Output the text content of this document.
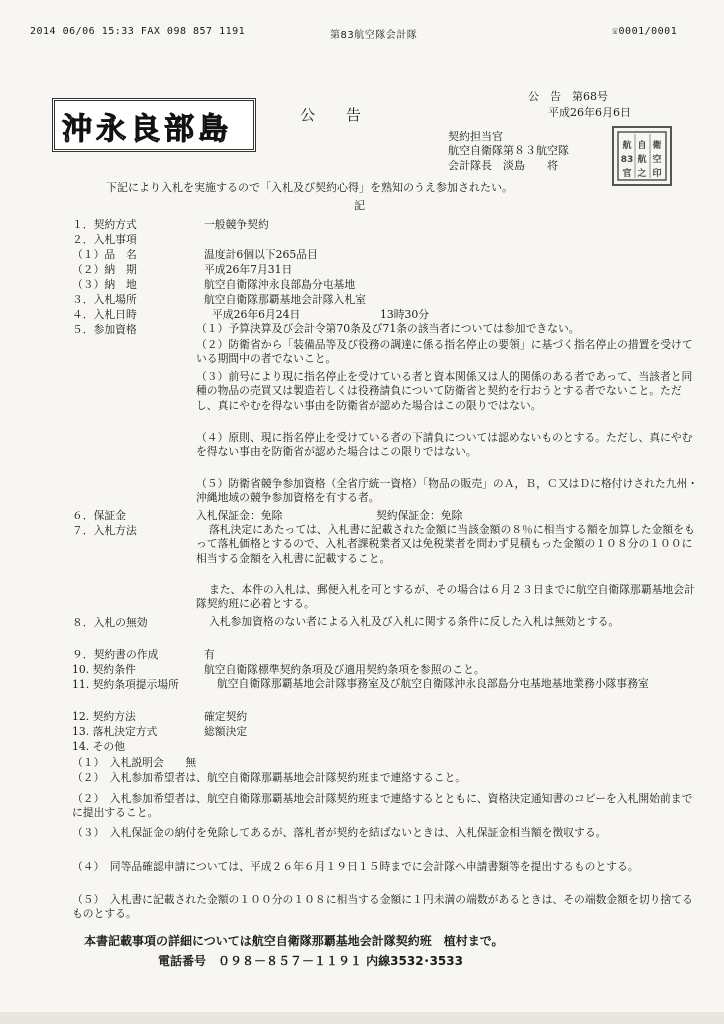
2014 06/06 15:33 FAX 098 857 1191	第83航空隊会計隊	☏0001/0001
沖永良部島	公　告
公　告　第68号
平成26年6月6日
契約担当官
航空自衛隊第８３航空隊
会計隊長　淡島　　将
航 自 衛
83 航 空
官 之 印
下記により入札を実施するので「入札及び契約心得」を熟知のうえ参加されたい。
記
１．契約方式	一般競争契約
２．入札事項
（１）品　名	温度計6個以下265品目
（２）納　期	平成26年7月31日
（３）納　地	航空自衛隊沖永良部島分屯基地
３．入札場所	航空自衛隊那覇基地会計隊入札室
４．入札日時	平成26年6月24日	13時30分
５．参加資格	（１）予算決算及び会計令第70条及び71条の該当者については参加できない。
（２）防衛省から「装備品等及び役務の調達に係る指名停止の要領」に基づく指名停止の措置を受けている期間中の者でないこと。
（３）前号により現に指名停止を受けている者と資本関係又は人的関係のある者であって、当該者と同種の物品の売買又は製造若しくは役務請負について防衛省と契約を行おうとする者でないこと。ただし、真にやむを得ない事由を防衛省が認めた場合はこの限りではない。
（４）原則、現に指名停止を受けている者の下請負については認めないものとする。ただし、真にやむを得ない事由を防衛省が認めた場合はこの限りではない。
（５）防衛省競争参加資格（全省庁統一資格）「物品の販売」のＡ，Ｂ，Ｃ又はＤに格付けされた九州・沖縄地域の競争参加資格を有する者。
６．保証金	入札保証金：免除	契約保証金：免除
７．入札方法	落札決定にあたっては、入札書に記載された金額に当該金額の８％に相当する額を加算した金額をもって落札価格とするので、入札者課税業者又は免税業者を問わず見積もった金額の１０８分の１００に相当する金額を入札書に記載すること。
また、本件の入札は、郵便入札を可とするが、その場合は６月２３日までに航空自衛隊那覇基地会計隊契約班に必着とする。
８．入札の無効	入札参加資格のない者による入札及び入札に関する条件に反した入札は無効とする。
９．契約書の作成	有
10. 契約条件	航空自衛隊標準契約条項及び適用契約条項を参照のこと。
11. 契約条項提示場所	航空自衛隊那覇基地会計隊事務室及び航空自衛隊沖永良部島分屯基地基地業務小隊事務室
12. 契約方法	確定契約
13. 落札決定方式	総額決定
14. その他
（１）　入札説明会　　無
（２）　入札参加希望者は、航空自衛隊那覇基地会計隊契約班まで連絡すること。
（２）　入札参加希望者は、航空自衛隊那覇基地会計隊契約班まで連絡するとともに、資格決定通知書のコピーを入札開始前までに提出すること。
（３）　入札保証金の納付を免除してあるが、落札者が契約を結ばないときは、入札保証金相当額を徴収する。
（４）　同等品確認申請については、平成２６年６月１９日１５時までに会計隊へ申請書類等を提出するものとする。
（５）　入札書に記載された金額の１００分の１０８に相当する金額に１円未満の端数があるときは、その端数金額を切り捨てるものとする。
本書記載事項の詳細については航空自衛隊那覇基地会計隊契約班　植村まで。
電話番号　０９８－８５７－１１９１ 内線3532･3533
